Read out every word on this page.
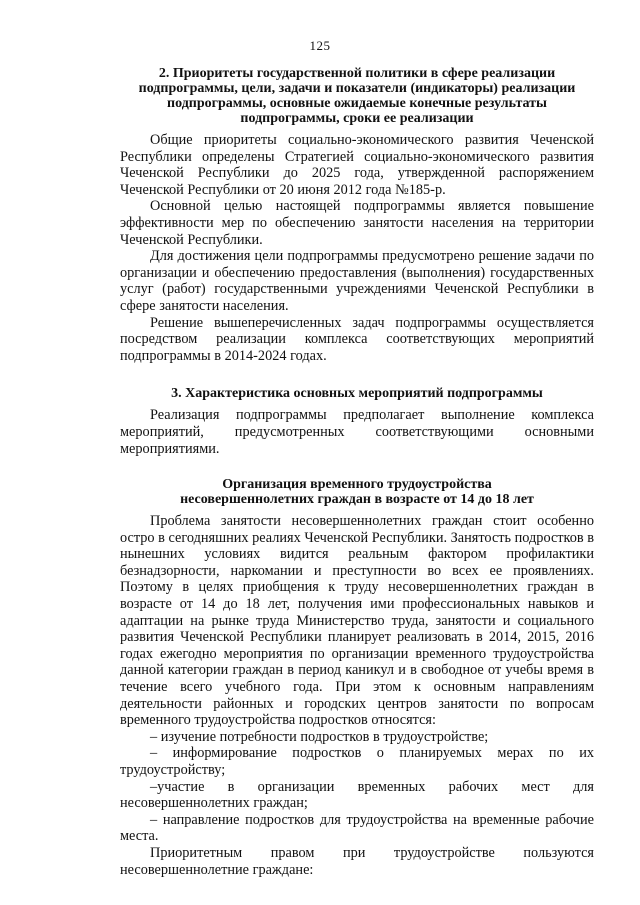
125
2. Приоритеты государственной политики в сфере реализации
подпрограммы, цели, задачи и показатели (индикаторы) реализации
подпрограммы, основные ожидаемые конечные результаты
подпрограммы, сроки ее реализации

Общие приоритеты социально-экономического развития Чеченской Республики определены Стратегией социально-экономического развития Чеченской Республики до 2025 года, утвержденной распоряжением Чеченской Республики от 20 июня 2012 года №185-р.

Основной целью настоящей подпрограммы является повышение эффективности мер по обеспечению занятости населения на территории Чеченской Республики.

Для достижения цели подпрограммы предусмотрено решение задачи по организации и обеспечению предоставления (выполнения) государственных услуг (работ) государственными учреждениями Чеченской Республики в сфере занятости населения.

Решение вышеперечисленных задач подпрограммы осуществляется посредством реализации комплекса соответствующих мероприятий подпрограммы в 2014-2024 годах.

3. Характеристика основных мероприятий подпрограммы

Реализация подпрограммы предполагает выполнение комплекса мероприятий, предусмотренных соответствующими основными мероприятиями.

Организация временного трудоустройства
несовершеннолетних граждан в возрасте от 14 до 18 лет

Проблема занятости несовершеннолетних граждан стоит особенно остро в сегодняшних реалиях Чеченской Республики. Занятость подростков в нынешних условиях видится реальным фактором профилактики безнадзорности, наркомании и преступности во всех ее проявлениях. Поэтому в целях приобщения к труду несовершеннолетних граждан в возрасте от 14 до 18 лет, получения ими профессиональных навыков и адаптации на рынке труда Министерство труда, занятости и социального развития Чеченской Республики планирует реализовать в 2014, 2015, 2016 годах ежегодно мероприятия по организации временного трудоустройства данной категории граждан в период каникул и в свободное от учебы время в течение всего учебного года. При этом к основным направлениям деятельности районных и городских центров занятости по вопросам временного трудоустройства подростков относятся:

– изучение потребности подростков в трудоустройстве;

– информирование подростков о планируемых мерах по их трудоустройству;

–участие в организации временных рабочих мест для несовершеннолетних граждан;

– направление подростков для трудоустройства на временные рабочие места.

Приоритетным правом при трудоустройстве пользуются несовершеннолетние граждане:
